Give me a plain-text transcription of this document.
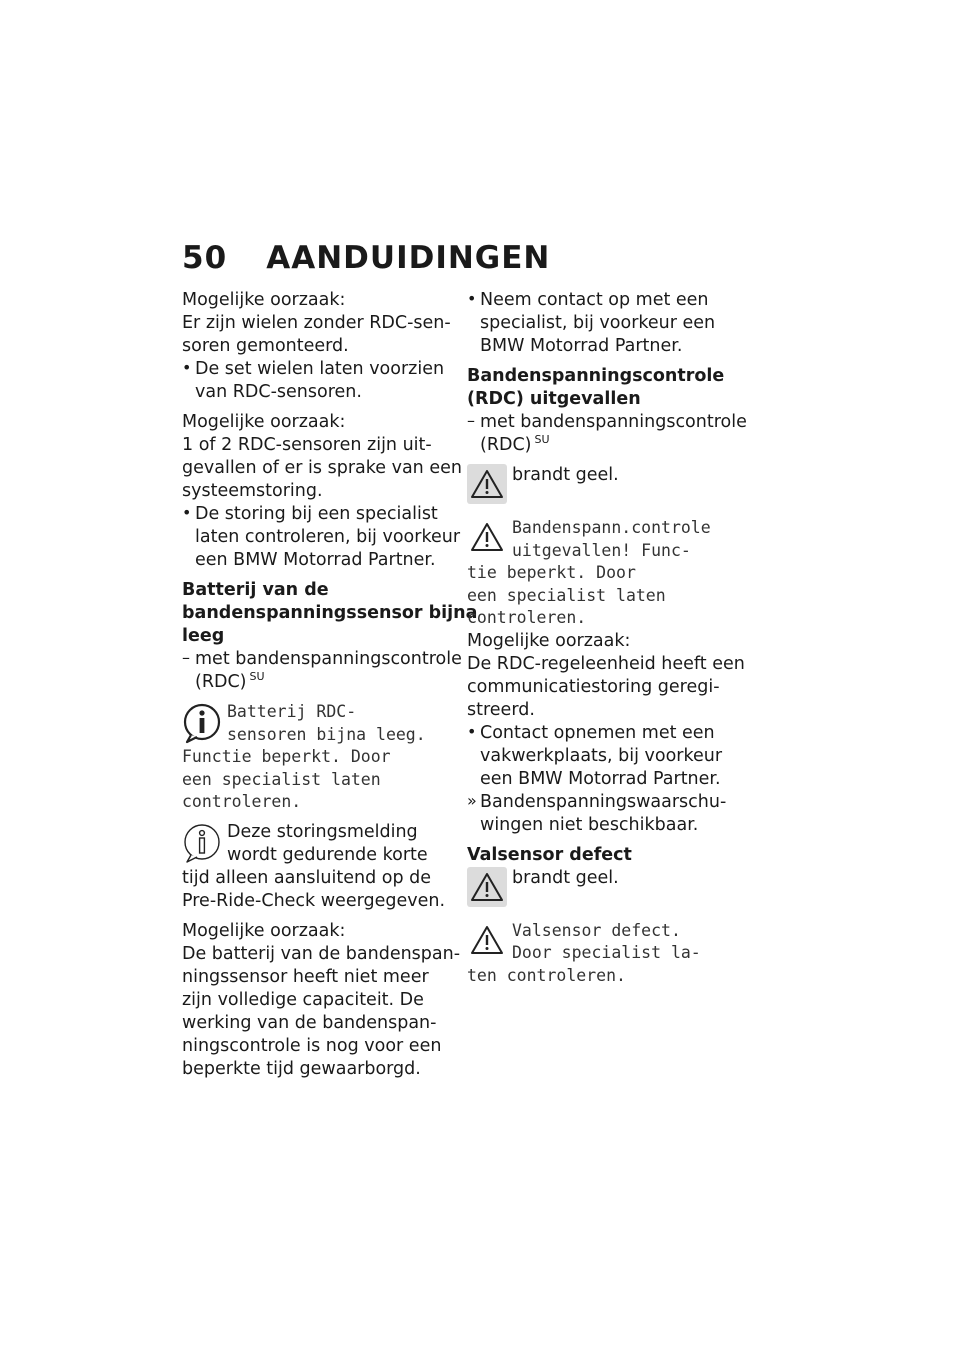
50 AANDUIDINGEN

Mogelijke oorzaak:

Er zijn wielen zonder RDC-sen-

soren gemonteerd.

• De set wielen laten voorzien

van RDC-sensoren.

Mogelijke oorzaak:

1 of 2 RDC-sensoren zijn uit-

gevallen of er is sprake van een

systeemstoring.

• De storing bij een specialist

laten controleren, bij voorkeur

een BMW Motorrad Partner.

Batterij van de

bandenspanningssensor bijna

leeg

– met bandenspanningscontrole

(RDC) $^{SU}$

Batterij RDC-

sensoren bijna leeg.

Functie beperkt. Door

een specialist laten

controleren.

Deze storingsmelding

wordt gedurende korte

tijd alleen aansluitend op de

Pre-Ride-Check weergegeven.

Mogelijke oorzaak:

De batterij van de bandenspan-

ningssensor heeft niet meer

zijn volledige capaciteit. De

werking van de bandenspan-

ningscontrole is nog voor een

beperkte tijd gewaarborgd.

• Neem contact op met een

specialist, bij voorkeur een

BMW Motorrad Partner.

Bandenspanningscontrole

(RDC) uitgevallen

– met bandenspanningscontrole

(RDC) $^{SU}$

brandt geel.

Bandenspann.controle

uitgevallen! Func-

tie beperkt. Door

een specialist laten

controleren.

Mogelijke oorzaak:

De RDC-regeleenheid heeft een

communicatiestoring geregi-

streerd.

• Contact opnemen met een

vakwerkplaats, bij voorkeur

een BMW Motorrad Partner.

» Bandenspanningswaarschu-

wingen niet beschikbaar.

Valsensor defect

brandt geel.

Valsensor defect.

Door specialist la-

ten controleren.
